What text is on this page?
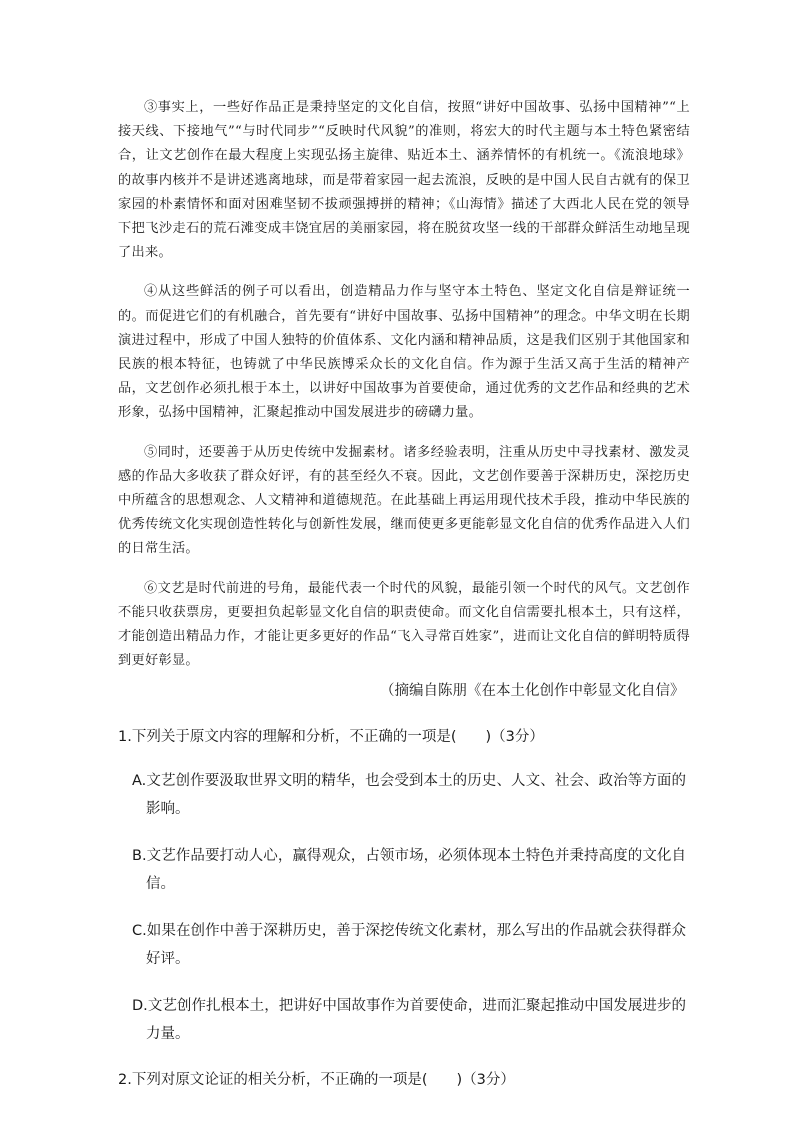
③事实上，一些好作品正是秉持坚定的文化自信，按照“讲好中国故事、弘扬中国精神”“上接天线、下接地气”“与时代同步”“反映时代风貌”的准则，将宏大的时代主题与本土特色紧密结合，让文艺创作在最大程度上实现弘扬主旋律、贴近本土、涵养情怀的有机统一。《流浪地球》的故事内核并不是讲述逃离地球，而是带着家园一起去流浪，反映的是中国人民自古就有的保卫家园的朴素情怀和面对困难坚韧不拔顽强搏拼的精神；《山海情》描述了大西北人民在党的领导下把飞沙走石的荒石滩变成丰饶宜居的美丽家园，将在脱贫攻坚一线的干部群众鲜活生动地呈现了出来。

④从这些鲜活的例子可以看出，创造精品力作与坚守本土特色、坚定文化自信是辩证统一的。而促进它们的有机融合，首先要有“讲好中国故事、弘扬中国精神”的理念。中华文明在长期演进过程中，形成了中国人独特的价值体系、文化内涵和精神品质，这是我们区别于其他国家和民族的根本特征，也铸就了中华民族博采众长的文化自信。作为源于生活又高于生活的精神产品，文艺创作必须扎根于本土，以讲好中国故事为首要使命，通过优秀的文艺作品和经典的艺术形象，弘扬中国精神，汇聚起推动中国发展进步的磅礴力量。

⑤同时，还要善于从历史传统中发掘素材。诸多经验表明，注重从历史中寻找素材、激发灵感的作品大多收获了群众好评，有的甚至经久不衰。因此，文艺创作要善于深耕历史，深挖历史中所蕴含的思想观念、人文精神和道德规范。在此基础上再运用现代技术手段，推动中华民族的优秀传统文化实现创造性转化与创新性发展，继而使更多更能彰显文化自信的优秀作品进入人们的日常生活。

⑥文艺是时代前进的号角，最能代表一个时代的风貌，最能引领一个时代的风气。文艺创作不能只收获票房，更要担负起彰显文化自信的职责使命。而文化自信需要扎根本土，只有这样，才能创造出精品力作，才能让更多更好的作品“飞入寻常百姓家”，进而让文化自信的鲜明特质得到更好彰显。

（摘编自陈朋《在本土化创作中彰显文化自信》

1.下列关于原文内容的理解和分析，不正确的一项是(　　)（3分）

A.文艺创作要汲取世界文明的精华，也会受到本土的历史、人文、社会、政治等方面的影响。
B.文艺作品要打动人心，赢得观众，占领市场，必须体现本土特色并秉持高度的文化自信。
C.如果在创作中善于深耕历史，善于深挖传统文化素材，那么写出的作品就会获得群众好评。
D.文艺创作扎根本土，把讲好中国故事作为首要使命，进而汇聚起推动中国发展进步的力量。

2.下列对原文论证的相关分析，不正确的一项是(　　)（3分）
